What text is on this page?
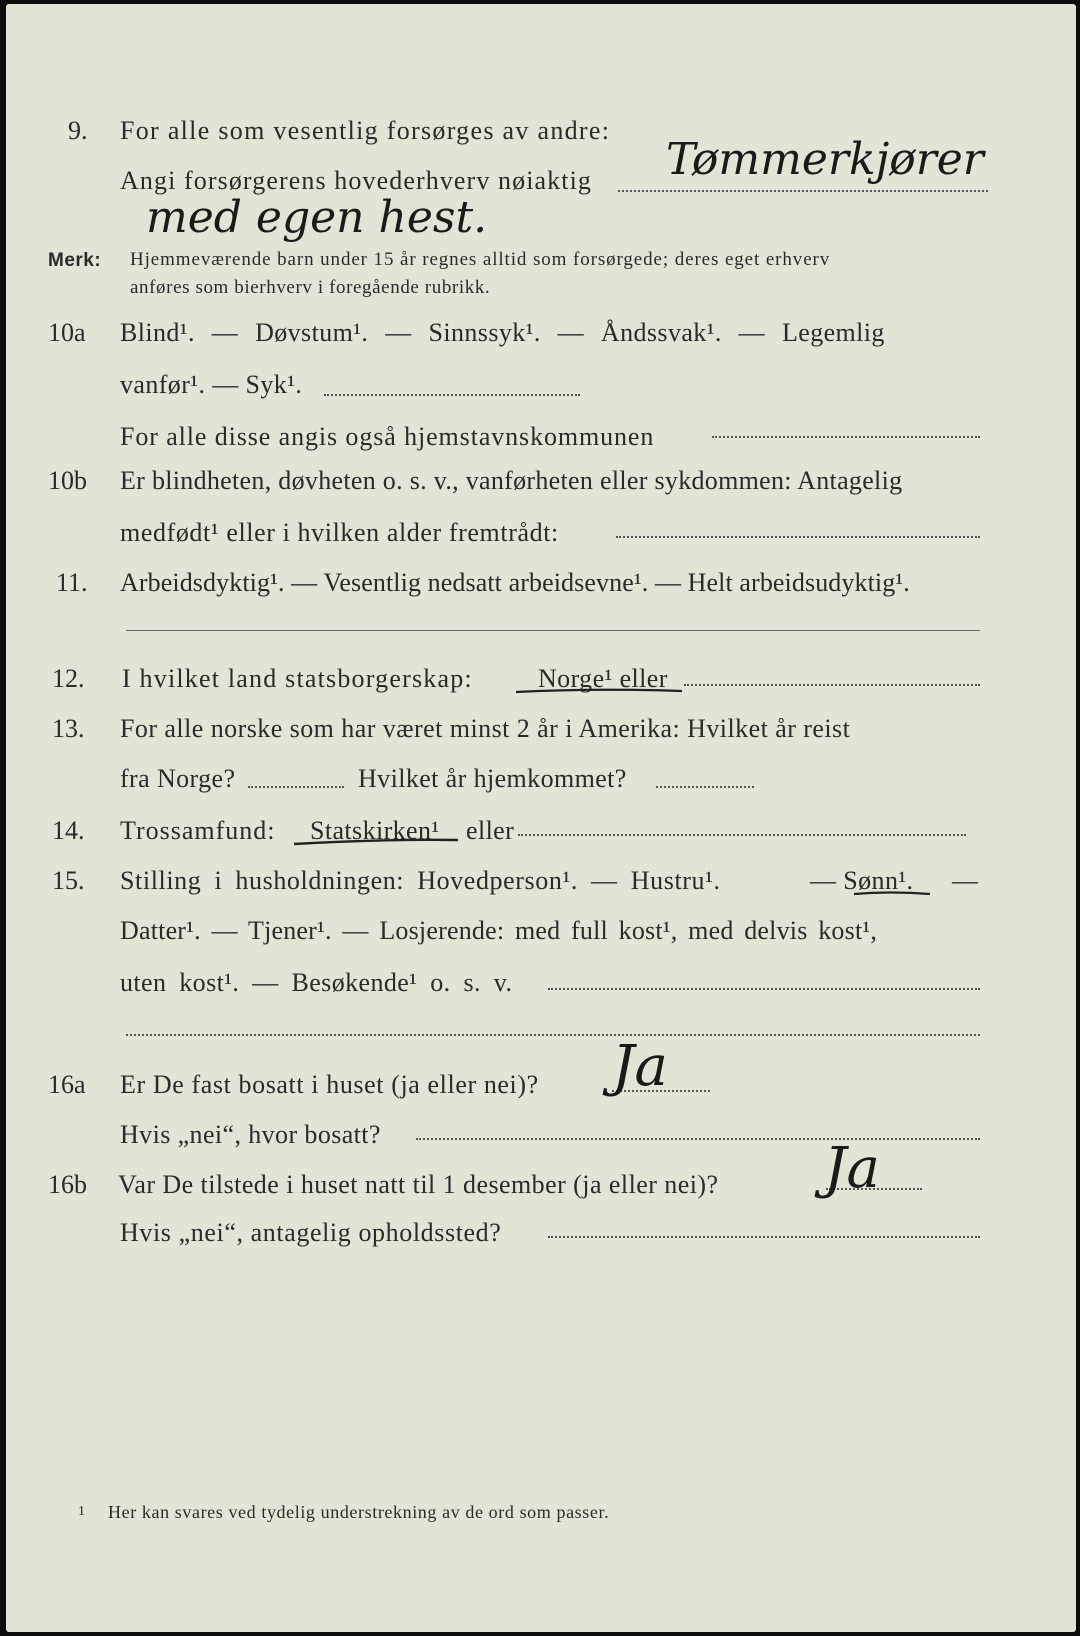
9. For alle som vesentlig forsørges av andre:
Angi forsørgerens hovederhverv nøiaktig Tømmerkjører
med egen hest.
Merk: Hjemmeværende barn under 15 år regnes alltid som forsørgede; deres eget erhverv
anføres som bierhverv i foregående rubrikk.
10a Blind¹. — Døvstum¹. — Sinnssyk¹. — Åndssvak¹. — Legemlig
vanfør¹. — Syk¹.
For alle disse angis også hjemstavnskommunen
10b Er blindheten, døvheten o. s. v., vanførheten eller sykdommen: Antagelig
medfødt¹ eller i hvilken alder fremtrådt:
11. Arbeidsdyktig¹. — Vesentlig nedsatt arbeidsevne¹. — Helt arbeidsudyktig¹.
12. I hvilket land statsborgerskap:	Norge¹ eller
13. For alle norske som har været minst 2 år i Amerika: Hvilket år reist
fra Norge?	Hvilket år hjemkommet?
14. Trossamfund: Statskirken¹ eller
15. Stilling i husholdningen: Hovedperson¹. — Hustru¹.	— Sønn¹. —
Datter¹. — Tjener¹. — Losjerende: med full kost¹, med delvis kost¹,
uten kost¹. — Besøkende¹ o. s. v.
16a Er De fast bosatt i huset (ja eller nei)? Ja
Hvis „nei“, hvor bosatt?
16b Var De tilstede i huset natt til 1 desember (ja eller nei)? Ja
Hvis „nei“, antagelig opholdssted?
1 Her kan svares ved tydelig understrekning av de ord som passer.
